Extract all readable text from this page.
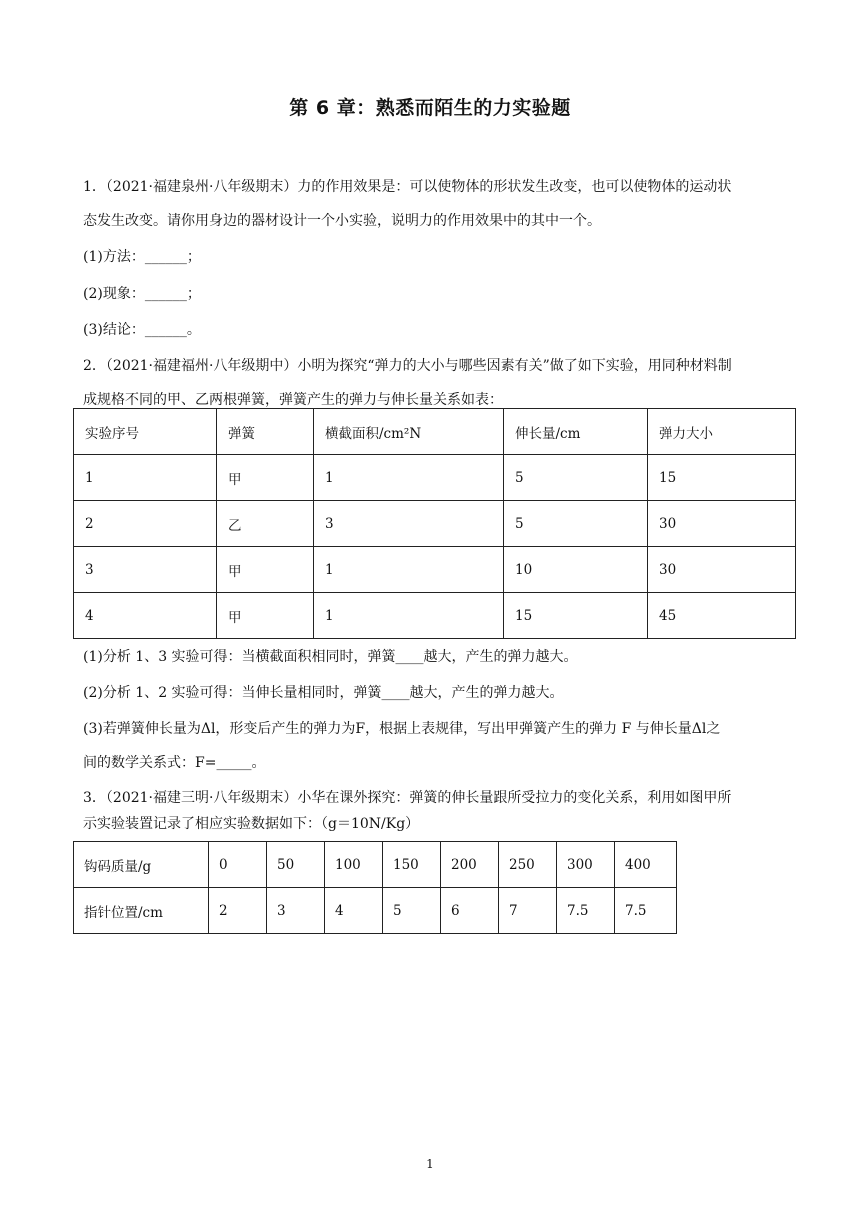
第 6 章：熟悉而陌生的力实验题
1．（2021·福建泉州·八年级期末）力的作用效果是：可以使物体的形状发生改变，也可以使物体的运动状
态发生改变。请你用身边的器材设计一个小实验，说明力的作用效果中的其中一个。
(1)方法：______；
(2)现象：______；
(3)结论：______。
2．（2021·福建福州·八年级期中）小明为探究“弹力的大小与哪些因素有关”做了如下实验，用同种材料制
成规格不同的甲、乙两根弹簧，弹簧产生的弹力与伸长量关系如表：
(1)分析 1、3 实验可得：当横截面积相同时，弹簧____越大，产生的弹力越大。
(2)分析 1、2 实验可得：当伸长量相同时，弹簧____越大，产生的弹力越大。
(3)若弹簧伸长量为Δl，形变后产生的弹力为F，根据上表规律，写出甲弹簧产生的弹力 F 与伸长量Δl之
间的数学关系式：F=_____。
3．（2021·福建三明·八年级期末）小华在课外探究：弹簧的伸长量跟所受拉力的变化关系，利用如图甲所
示实验装置记录了相应实验数据如下：（g＝10N/Kg）
实验序号	弹簧	横截面积/cm²N	伸长量/cm	弹力大小
1	甲	1	5	15
2	乙	3	5	30
3	甲	1	10	30
4	甲	1	15	45
钩码质量/g	0	50	100	150	200	250	300	400
指针位置/cm	2	3	4	5	6	7	7.5	7.5
1
